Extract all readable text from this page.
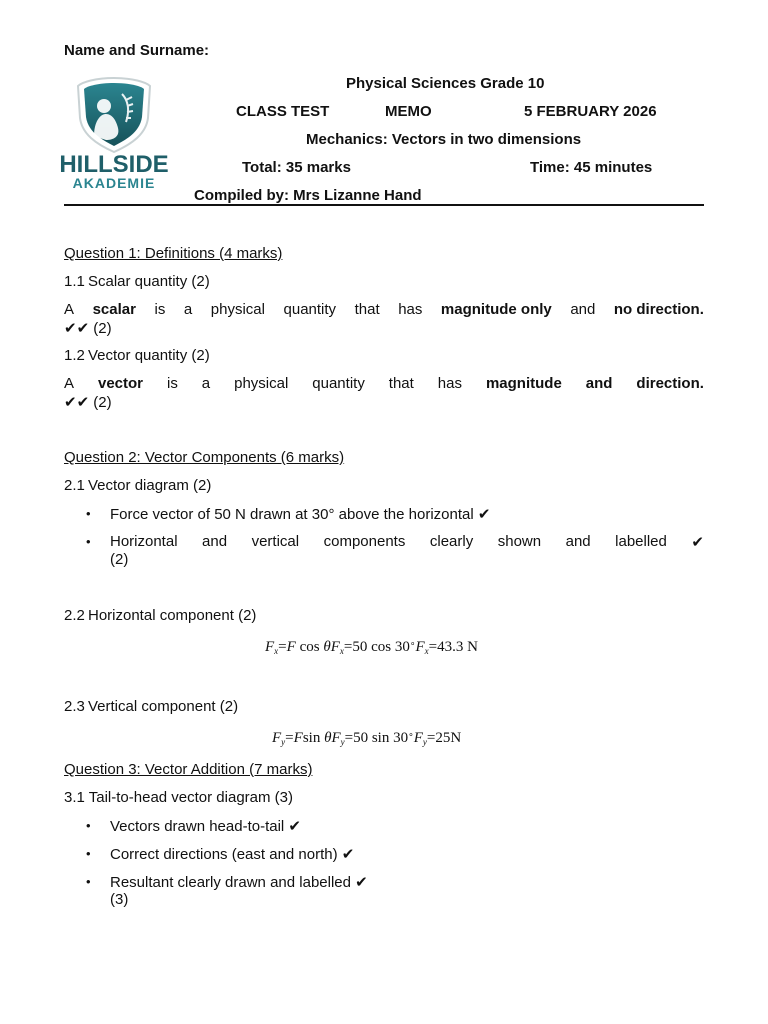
Name and Surname:
HILLSIDE
AKADEMIE
Physical Sciences Grade 10
CLASS TEST	MEMO	5 FEBRUARY 2026
Mechanics: Vectors in two dimensions
Total: 35 marks	Time: 45 minutes
Compiled by: Mrs Lizanne Hand
Question 1: Definitions (4 marks)
1.1 Scalar quantity (2)
A scalar is a physical quantity that has magnitude only and no direction.
✔✔ (2)
1.2 Vector quantity (2)
A vector is a physical quantity that has magnitude and direction.
✔✔ (2)
Question 2: Vector Components (6 marks)
2.1 Vector diagram (2)
• Force vector of 50 N drawn at 30° above the horizontal ✔
• Horizontal and vertical components clearly shown and labelled ✔
(2)
2.2 Horizontal component (2)
$F_x=F$ $\cos \theta F_x=50$ $\cos 30^\circ F_x=43.3$ N
2.3 Vertical component (2)
$F_y=Fsin$ $\theta F_y=50$ $\sin 30^\circ F_y=25N$
Question 3: Vector Addition (7 marks)
3.1 Tail-to-head vector diagram (3)
• Vectors drawn head-to-tail ✔
• Correct directions (east and north) ✔
• Resultant clearly drawn and labelled ✔
(3)
